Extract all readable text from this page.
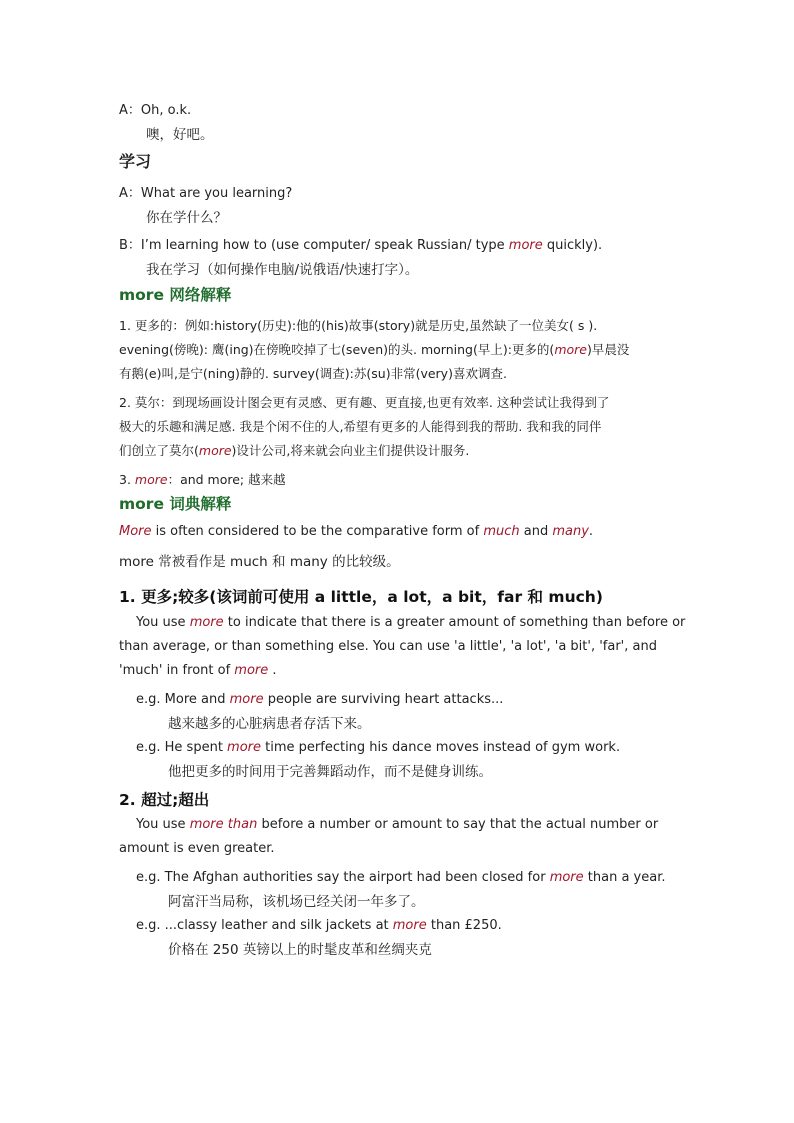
A：Oh, o.k.
噢，好吧。
学习
A：What are you learning?
你在学什么？
B：I’m learning how to (use computer/ speak Russian/ type more quickly).
我在学习（如何操作电脑/说俄语/快速打字）。
more 网络解释
1. 更多的：例如:history(历史):他的(his)故事(story)就是历史,虽然缺了一位美女( s ).
evening(傍晚): 鹰(ing)在傍晚咬掉了七(seven)的头. morning(早上):更多的(more)早晨没
有鹅(e)叫,是宁(ning)静的. survey(调查):苏(su)非常(very)喜欢调查.
2. 莫尔：到现场画设计图会更有灵感、更有趣、更直接,也更有效率. 这种尝试让我得到了
极大的乐趣和满足感. 我是个闲不住的人,希望有更多的人能得到我的帮助. 我和我的同伴
们创立了莫尔(more)设计公司,将来就会向业主们提供设计服务.
3. more：and more; 越来越
more 词典解释
More is often considered to be the comparative form of much and many.
more 常被看作是 much 和 many 的比较级。
1. 更多;较多(该词前可使用 a little，a lot，a bit，far 和 much)
You use more to indicate that there is a greater amount of something than before or
than average, or than something else. You can use 'a little', 'a lot', 'a bit', 'far', and
'much' in front of more .
e.g. More and more people are surviving heart attacks...
越来越多的心脏病患者存活下来。
e.g. He spent more time perfecting his dance moves instead of gym work.
他把更多的时间用于完善舞蹈动作，而不是健身训练。
2. 超过;超出
You use more than before a number or amount to say that the actual number or
amount is even greater.
e.g. The Afghan authorities say the airport had been closed for more than a year.
阿富汗当局称，该机场已经关闭一年多了。
e.g. ...classy leather and silk jackets at more than £250.
价格在 250 英镑以上的时髦皮革和丝绸夹克
